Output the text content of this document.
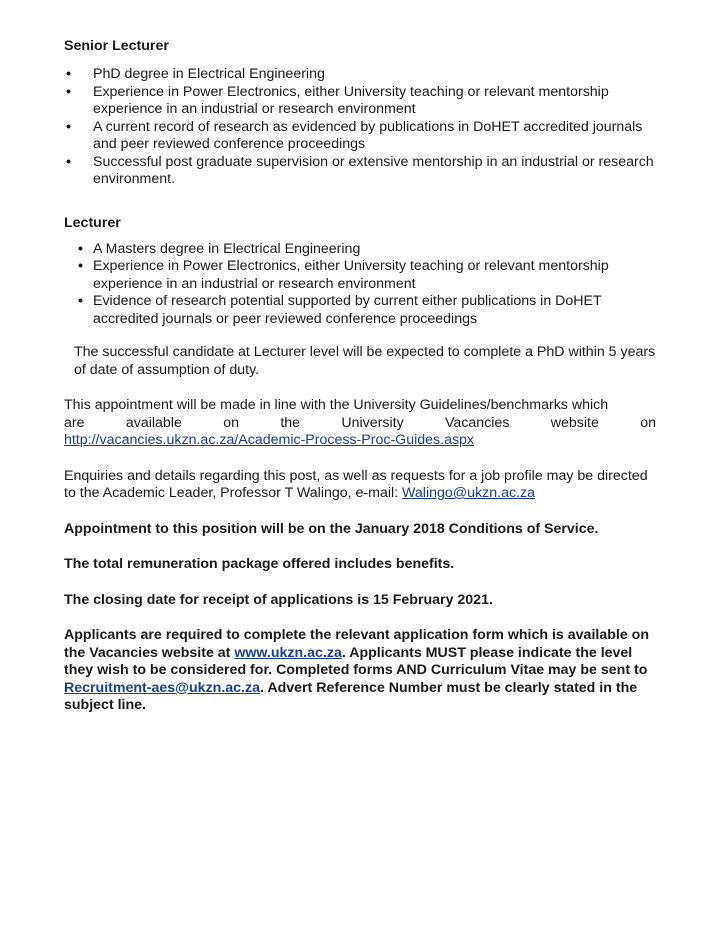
Senior Lecturer

• PhD degree in Electrical Engineering
• Experience in Power Electronics, either University teaching or relevant mentorship experience in an industrial or research environment
• A current record of research as evidenced by publications in DoHET accredited journals and peer reviewed conference proceedings
• Successful post graduate supervision or extensive mentorship in an industrial or research environment.

Lecturer

• A Masters degree in Electrical Engineering
• Experience in Power Electronics, either University teaching or relevant mentorship experience in an industrial or research environment
• Evidence of research potential supported by current either publications in DoHET accredited journals or peer reviewed conference proceedings

The successful candidate at Lecturer level will be expected to complete a PhD within 5 years of date of assumption of duty.

This appointment will be made in line with the University Guidelines/benchmarks which

are available on the University Vacancies website on

http://vacancies.ukzn.ac.za/Academic-Process-Proc-Guides.aspx

Enquiries and details regarding this post, as well as requests for a job profile may be directed to the Academic Leader, Professor T Walingo, e-mail: Walingo@ukzn.ac.za

Appointment to this position will be on the January 2018 Conditions of Service.

The total remuneration package offered includes benefits.

The closing date for receipt of applications is 15 February 2021.

Applicants are required to complete the relevant application form which is available on the Vacancies website at www.ukzn.ac.za. Applicants MUST please indicate the level they wish to be considered for. Completed forms AND Curriculum Vitae may be sent to Recruitment-aes@ukzn.ac.za. Advert Reference Number must be clearly stated in the subject line.
